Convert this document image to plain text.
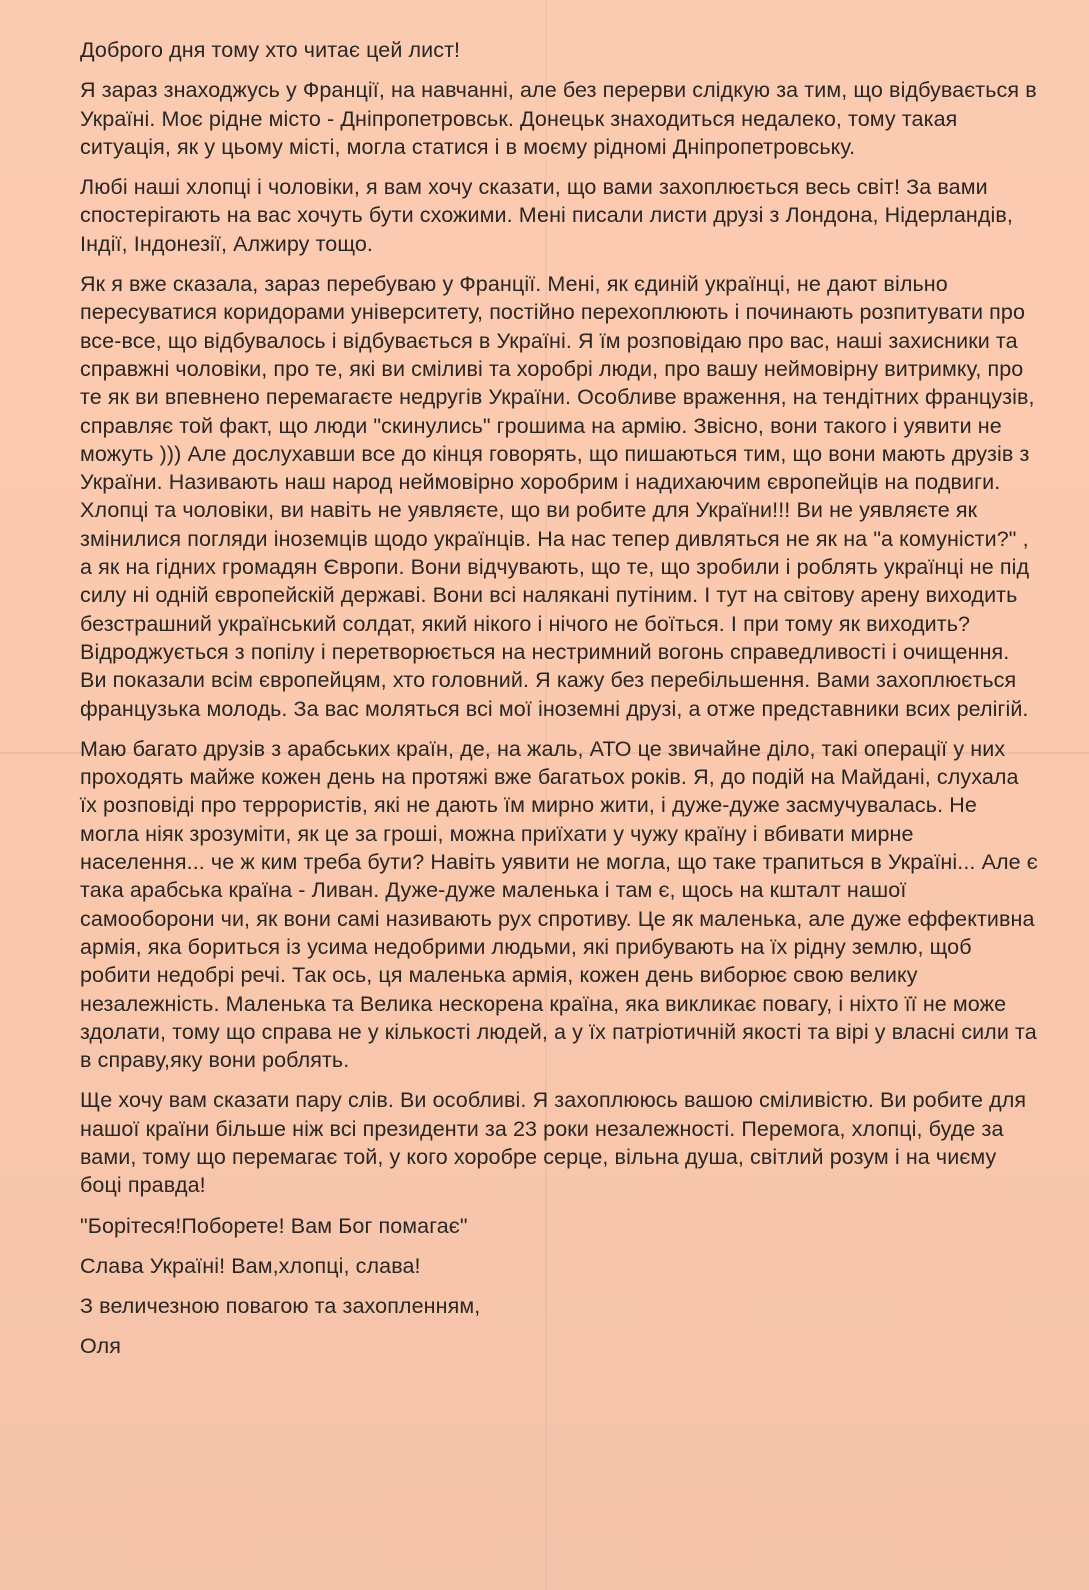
Доброго дня тому хто читає цей лист!

Я зараз знаходжусь у Франції, на навчанні, але без перерви слідкую за тим, що відбувається в Україні. Моє рідне місто - Дніпропетровськ. Донецьк знаходиться недалеко, тому такая ситуація, як у цьому місті, могла статися і в моєму рідномі Дніпропетровську.

Любі наші хлопці і чоловіки, я вам хочу сказати, що вами захоплюється весь світ! За вами спостерігають на вас хочуть бути схожими. Мені писали листи друзі з Лондона, Нідерландів, Індії, Індонезії, Алжиру тощо.

Як я вже сказала, зараз перебуваю у Франції. Мені, як єдиній українці, не дают вільно пересуватися коридорами університету, постійно перехоплюють і починають розпитувати про все-все, що відбувалось і відбувається в Україні. Я їм розповідаю про вас, наші захисники та справжні чоловіки, про те, які ви сміливі та хоробрі люди, про вашу неймовірну витримку, про те як ви впевнено перемагаєте недругів України. Особливе враження, на тендітних французів, справляє той факт, що люди "скинулись" грошима на армію. Звісно, вони такого і уявити не можуть ))) Але дослухавши все до кінця говорять, що пишаються тим, що вони мають друзів з України. Називають наш народ неймовірно хоробрим і надихаючим європейців на подвиги. Хлопці та чоловіки, ви навіть не уявляєте, що ви робите для України!!! Ви не уявляєте як змінилися погляди іноземців щодо українців. На нас тепер дивляться не як на "а комуністи?" , а як на гідних громадян Європи. Вони відчувають, що те, що зробили і роблять українці не під силу ні одній європейскій державі. Вони всі налякані путіним. І тут на світову арену виходить безстрашний український солдат, який нікого і нічого не боїться. І при тому як виходить? Відроджується з попілу і перетворюється на нестримний вогонь справедливості і очищення. Ви показали всім європейцям, хто головний. Я кажу без перебільшення. Вами захоплюється французька молодь. За вас моляться всі мої іноземні друзі, а отже представники всих релігій.

Маю багато друзів з арабських країн, де, на жаль, АТО це звичайне діло, такі операції у них проходять майже кожен день на протяжі вже багатьох років. Я, до подій на Майдані, слухала їх розповіді про террористів, які не дають їм мирно жити, і дуже-дуже засмучувалась. Не могла ніяк зрозуміти, як це за гроші, можна приїхати у чужу країну і вбивати мирне населення... че ж ким треба бути? Навіть уявити не могла, що таке трапиться в Україні... Але є така арабська країна - Ливан. Дуже-дуже маленька і там є, щось на кшталт нашої самооборони чи, як вони самі називають рух спротиву. Це як маленька, але дуже еффективна армія, яка бориться із усима недобрими людьми, які прибувають на їх рідну землю, щоб робити недобрі речі. Так ось, ця маленька армія, кожен день виборює свою велику незалежність. Маленька та Велика нескорена країна, яка викликає повагу, і ніхто її не може здолати, тому що справа не у кількості людей, а у їх патріотичній якості та вірі у власні сили та в справу,яку вони роблять.

Ще хочу вам сказати пару слів. Ви особливі. Я захоплююсь вашою сміливістю. Ви робите для нашої країни більше ніж всі президенти за 23 роки незалежності. Перемога, хлопці, буде за вами, тому що перемагає той, у кого хоробре серце, вільна душа, світлий розум і на чиєму боці правда!

"Борітеся!Поборете! Вам Бог помагає"

Слава Україні! Вам,хлопці, слава!

З величезною повагою та захопленням,

Оля
